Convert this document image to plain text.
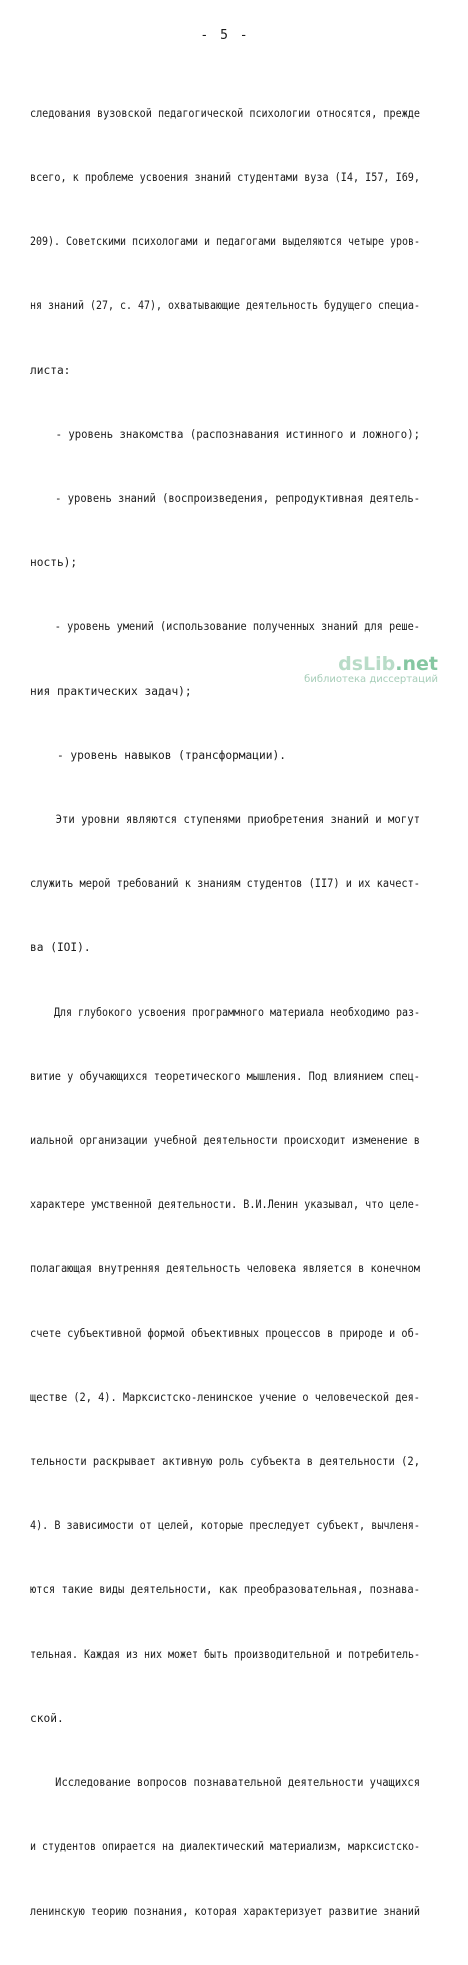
- 5 -

следования вузовской педагогической психологии относятся, прежде

всего, к проблеме усвоения знаний студентами вуза (I4, I57, I69,

209). Советскими психологами и педагогами выделяются четыре уров-

ня знаний (27, с. 47), охватывающие деятельность будущего специа-

листа:

- уровень знакомства (распознавания истинного и ложного);

- уровень знаний (воспроизведения, репродуктивная деятель-

ность);

- уровень умений (использование полученных знаний для реше-

ния практических задач);

- уровень навыков (трансформации).

Эти уровни являются ступенями приобретения знаний и могут

служить мерой требований к знаниям студентов (II7) и их качест-

ва (IOI).

Для глубокого усвоения программного материала необходимо раз-

витие у обучающихся теоретического мышления. Под влиянием спец-

иальной организации учебной деятельности происходит изменение в

характере умственной деятельности. В.И.Ленин указывал, что целе-

полагающая внутренняя деятельность человека является в конечном

счете субъективной формой объективных процессов в природе и об-

ществе (2, 4). Марксистско-ленинское учение о человеческой дея-

тельности раскрывает активную роль субъекта в деятельности (2,

4). В зависимости от целей, которые преследует субъект, вычленя-

ются такие виды деятельности, как преобразовательная, познава-

тельная. Каждая из них может быть производительной и потребитель-

ской.

Исследование вопросов познавательной деятельности учащихся

и студентов опирается на диалектический материализм, марксистско-

ленинскую теорию познания, которая характеризует развитие знаний

dsLib.net
библиотека диссертаций
